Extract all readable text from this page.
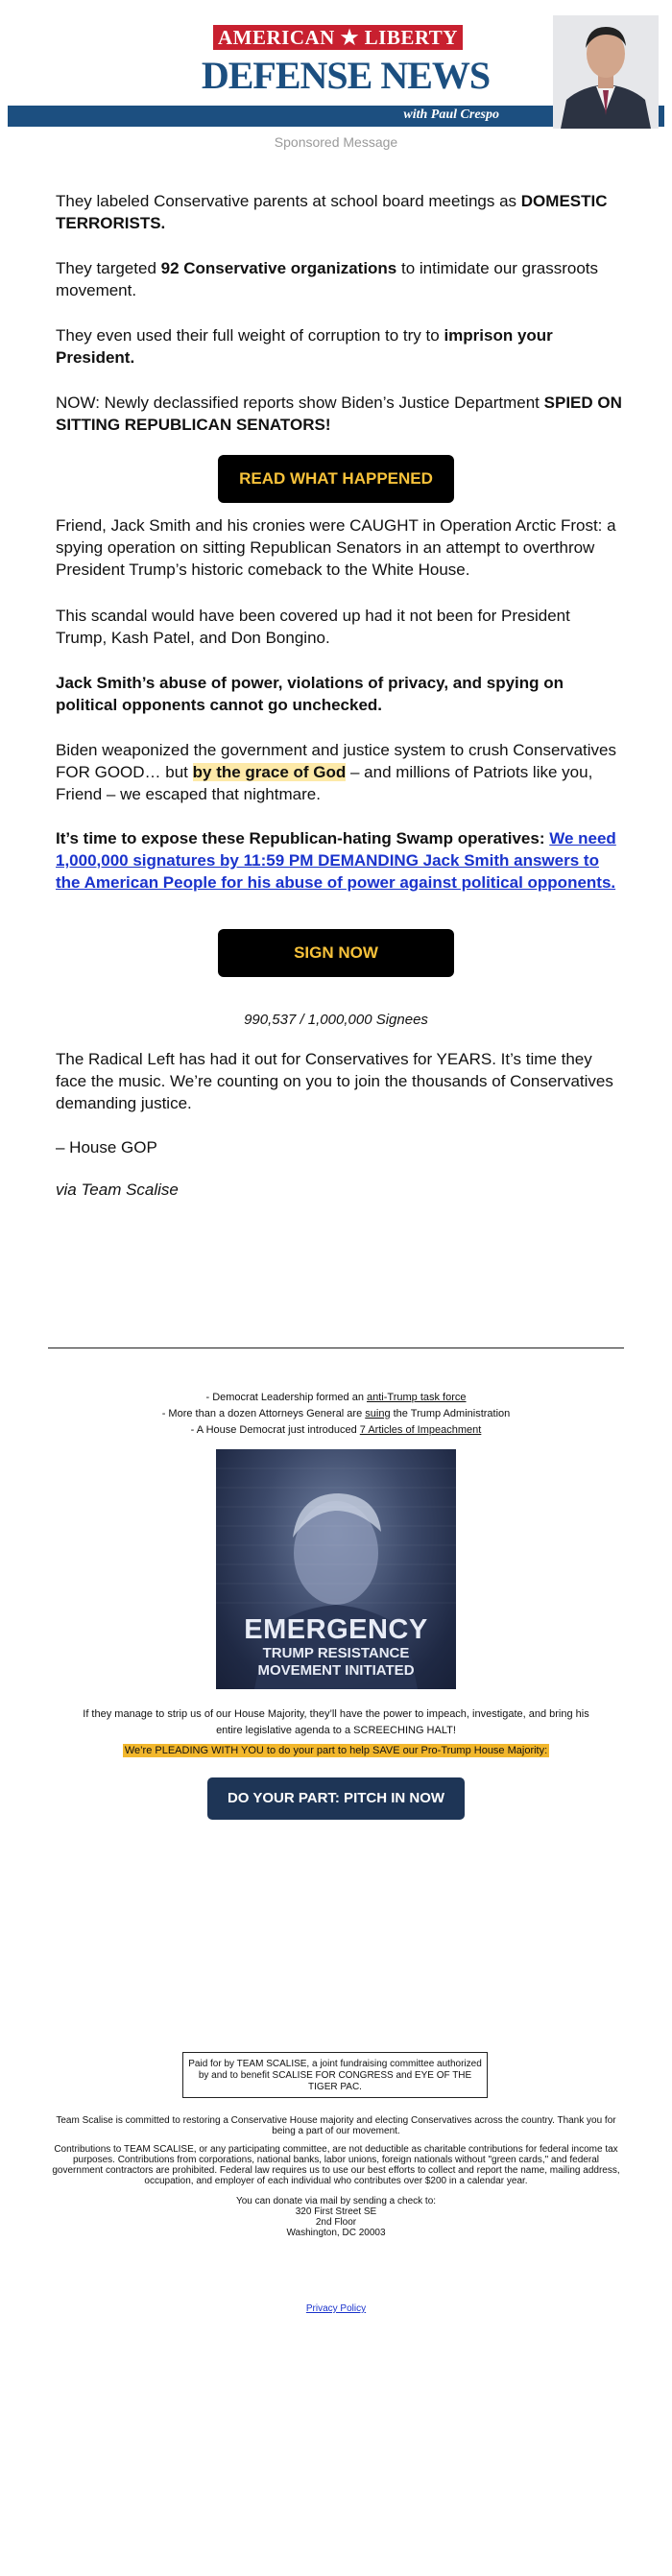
AMERICAN ★ LIBERTY
DEFENSE NEWS
with Paul Crespo
Sponsored Message

They labeled Conservative parents at school board meetings as DOMESTIC TERRORISTS.

They targeted 92 Conservative organizations to intimidate our grassroots movement.

They even used their full weight of corruption to try to imprison your President.

NOW: Newly declassified reports show Biden’s Justice Department SPIED ON SITTING REPUBLICAN SENATORS!

READ WHAT HAPPENED
Friend, Jack Smith and his cronies were CAUGHT in Operation Arctic Frost: a spying operation on sitting Republican Senators in an attempt to overthrow President Trump’s historic comeback to the White House.
This scandal would have been covered up had it not been for President Trump, Kash Patel, and Don Bongino.
Jack Smith’s abuse of power, violations of privacy, and spying on political opponents cannot go unchecked.

Biden weaponized the government and justice system to crush Conservatives FOR GOOD… but by the grace of God – and millions of Patriots like you, Friend – we escaped that nightmare.

It’s time to expose these Republican-hating Swamp operatives: We need 1,000,000 signatures by 11:59 PM DEMANDING Jack Smith answers to the American People for his abuse of power against political opponents.

SIGN NOW
990,537 / 1,000,000 Signees
The Radical Left has had it out for Conservatives for YEARS. It’s time they face the music. We’re counting on you to join the thousands of Conservatives demanding justice.
– House GOP
via Team Scalise
- Democrat Leadership formed an anti-Trump task force
- More than a dozen Attorneys General are suing the Trump Administration
- A House Democrat just introduced 7 Articles of Impeachment
EMERGENCY
TRUMP RESISTANCE
MOVEMENT INITIATED
If they manage to strip us of our House Majority, they’ll have the power to impeach, investigate, and bring his entire legislative agenda to a SCREECHING HALT!
We’re PLEADING WITH YOU to do your part to help SAVE our Pro-Trump House Majority:
DO YOUR PART: PITCH IN NOW
Paid for by TEAM SCALISE, a joint fundraising committee authorized by and to benefit SCALISE FOR CONGRESS and EYE OF THE TIGER PAC.
Team Scalise is committed to restoring a Conservative House majority and electing Conservatives across the country. Thank you for being a part of our movement.
Contributions to TEAM SCALISE, or any participating committee, are not deductible as charitable contributions for federal income tax purposes. Contributions from corporations, national banks, labor unions, foreign nationals without "green cards," and federal government contractors are prohibited. Federal law requires us to use our best efforts to collect and report the name, mailing address, occupation, and employer of each individual who contributes over $200 in a calendar year.

You can donate via mail by sending a check to:

320 First Street SE

2nd Floor

Washington, DC 20003

Privacy Policy
